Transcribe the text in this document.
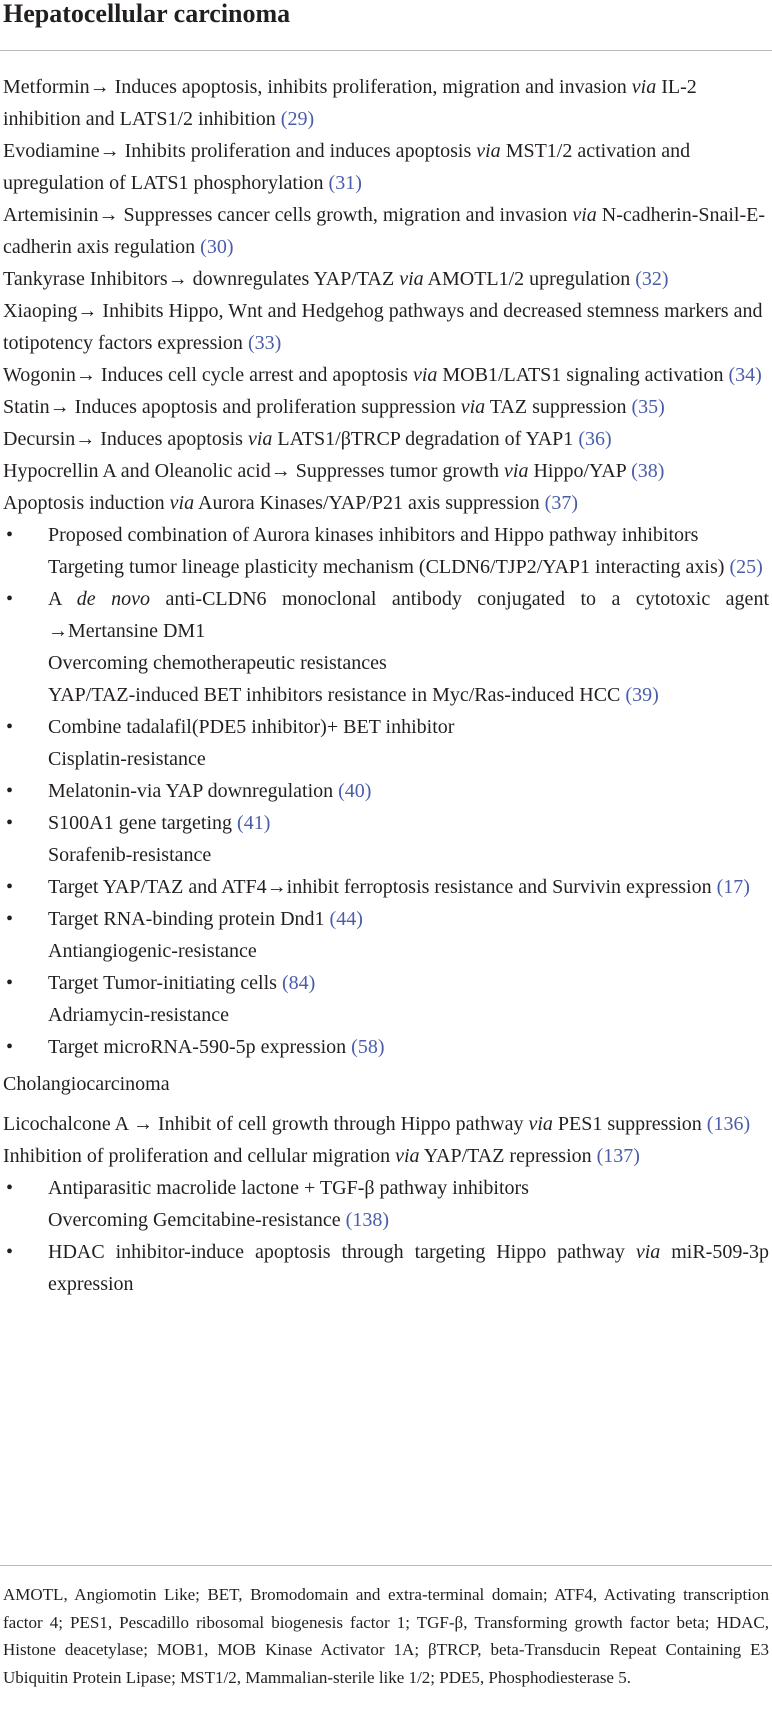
Hepatocellular carcinoma
Metformin→ Induces apoptosis, inhibits proliferation, migration and invasion via IL-2 inhibition and LATS1/2 inhibition (29)
Evodiamine→ Inhibits proliferation and induces apoptosis via MST1/2 activation and upregulation of LATS1 phosphorylation (31)
Artemisinin→ Suppresses cancer cells growth, migration and invasion via N-cadherin-Snail-E-cadherin axis regulation (30)
Tankyrase Inhibitors→ downregulates YAP/TAZ via AMOTL1/2 upregulation (32)
Xiaoping→ Inhibits Hippo, Wnt and Hedgehog pathways and decreased stemness markers and totipotency factors expression (33)
Wogonin→ Induces cell cycle arrest and apoptosis via MOB1/LATS1 signaling activation (34)
Statin→ Induces apoptosis and proliferation suppression via TAZ suppression (35)
Decursin→ Induces apoptosis via LATS1/βTRCP degradation of YAP1 (36)
Hypocrellin A and Oleanolic acid→ Suppresses tumor growth via Hippo/YAP (38)
Apoptosis induction via Aurora Kinases/YAP/P21 axis suppression (37)
• Proposed combination of Aurora kinases inhibitors and Hippo pathway inhibitors
Targeting tumor lineage plasticity mechanism (CLDN6/TJP2/YAP1 interacting axis) (25)
• A de novo anti-CLDN6 monoclonal antibody conjugated to a cytotoxic agent →Mertansine DM1
Overcoming chemotherapeutic resistances
YAP/TAZ-induced BET inhibitors resistance in Myc/Ras-induced HCC (39)
• Combine tadalafil(PDE5 inhibitor)+ BET inhibitor
Cisplatin-resistance
• Melatonin-via YAP downregulation (40)
• S100A1 gene targeting (41)
Sorafenib-resistance
• Target YAP/TAZ and ATF4→inhibit ferroptosis resistance and Survivin expression (17)
• Target RNA-binding protein Dnd1 (44)
Antiangiogenic-resistance
• Target Tumor-initiating cells (84)
Adriamycin-resistance
• Target microRNA-590-5p expression (58)
Cholangiocarcinoma
Licochalcone A → Inhibit of cell growth through Hippo pathway via PES1 suppression (136)
Inhibition of proliferation and cellular migration via YAP/TAZ repression (137)
• Antiparasitic macrolide lactone + TGF-β pathway inhibitors
Overcoming Gemcitabine-resistance (138)
• HDAC inhibitor-induce apoptosis through targeting Hippo pathway via miR-509-3p expression

AMOTL, Angiomotin Like; BET, Bromodomain and extra-terminal domain; ATF4, Activating transcription factor 4; PES1, Pescadillo ribosomal biogenesis factor 1; TGF-β, Transforming growth factor beta; HDAC, Histone deacetylase; MOB1, MOB Kinase Activator 1A; βTRCP, beta-Transducin Repeat Containing E3 Ubiquitin Protein Lipase; MST1/2, Mammalian-sterile like 1/2; PDE5, Phosphodiesterase 5.
